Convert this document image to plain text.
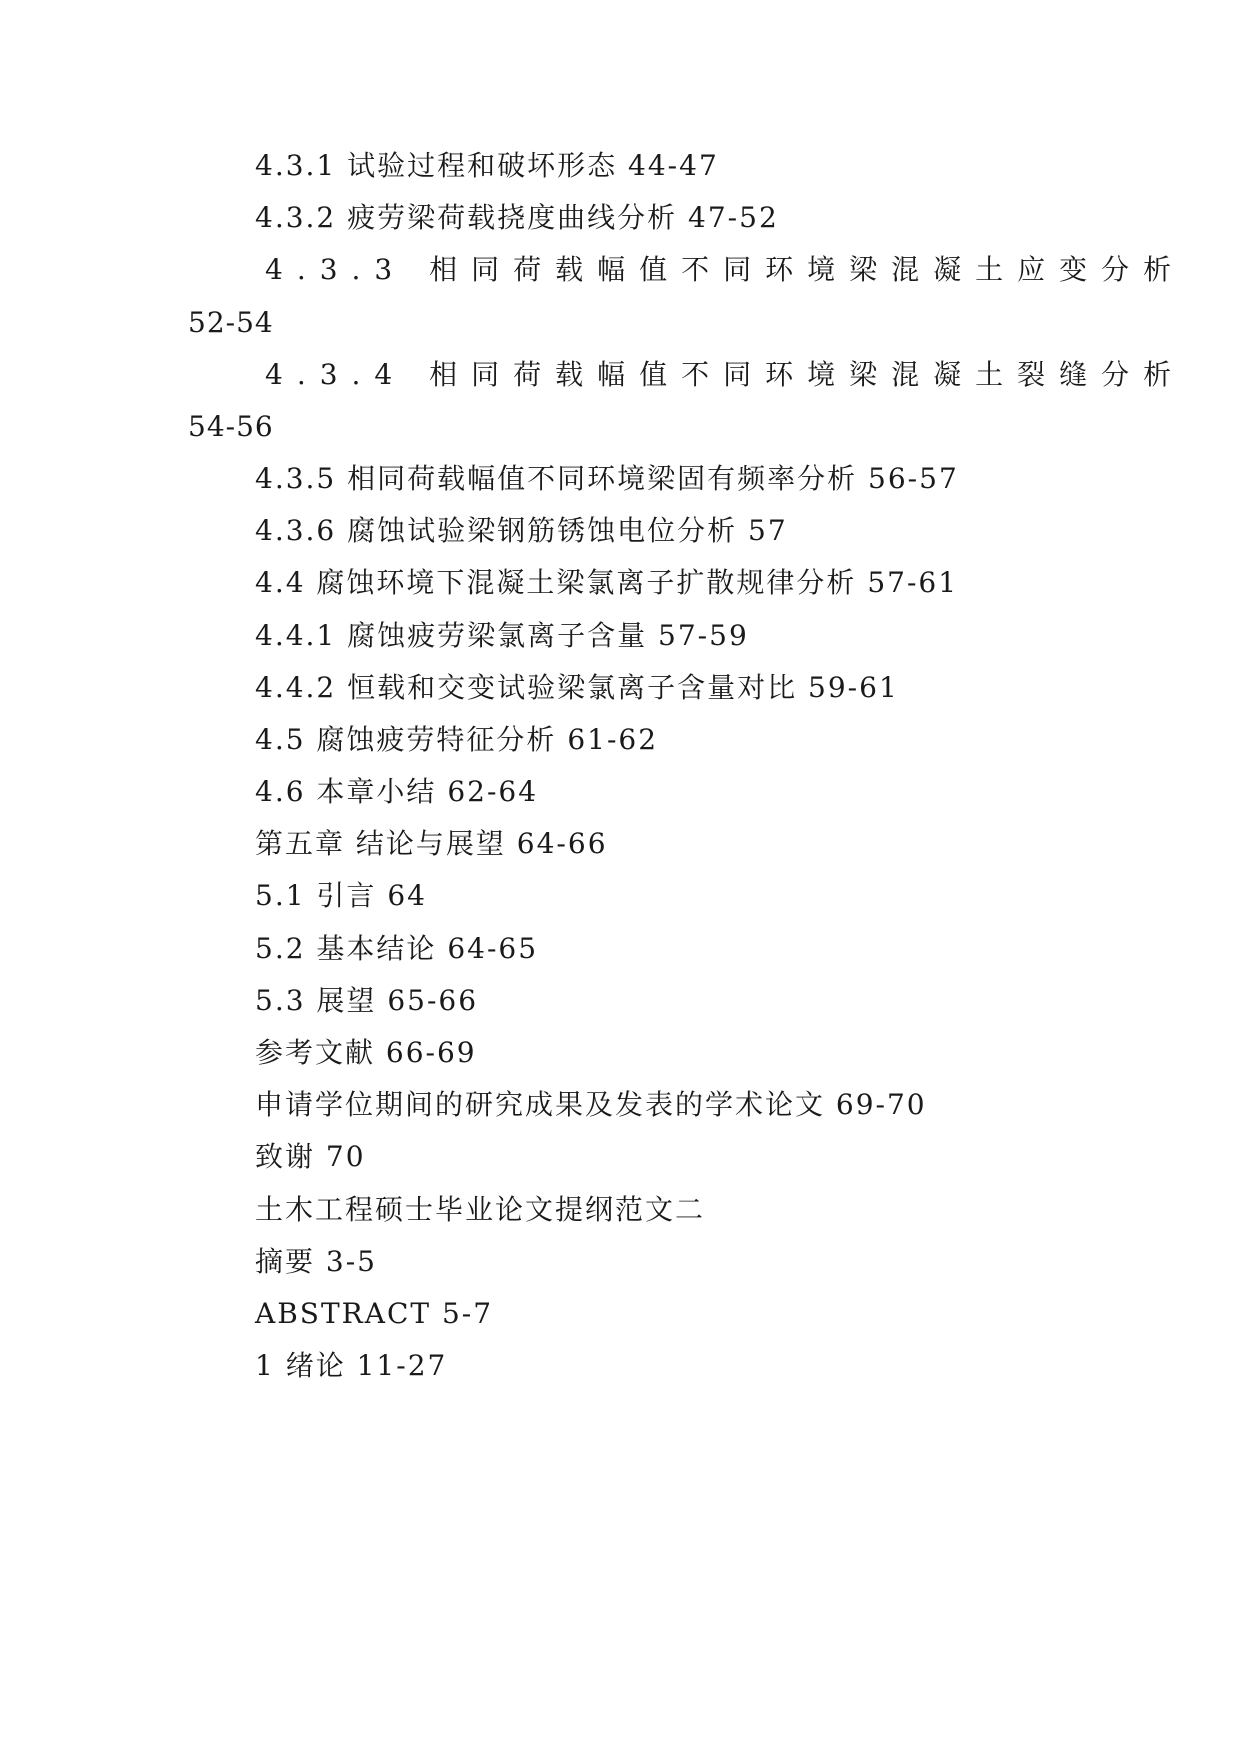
4.3.1 试验过程和破坏形态 44-47
4.3.2 疲劳梁荷载挠度曲线分析 47-52
4.3.3 相同荷载幅值不同环境梁混凝土应变分析
52-54
4.3.4 相同荷载幅值不同环境梁混凝土裂缝分析
54-56
4.3.5 相同荷载幅值不同环境梁固有频率分析 56-57
4.3.6 腐蚀试验梁钢筋锈蚀电位分析 57
4.4 腐蚀环境下混凝土梁氯离子扩散规律分析 57-61
4.4.1 腐蚀疲劳梁氯离子含量 57-59
4.4.2 恒载和交变试验梁氯离子含量对比 59-61
4.5 腐蚀疲劳特征分析 61-62
4.6 本章小结 62-64
第五章 结论与展望 64-66
5.1 引言 64
5.2 基本结论 64-65
5.3 展望 65-66
参考文献 66-69
申请学位期间的研究成果及发表的学术论文 69-70
致谢 70
土木工程硕士毕业论文提纲范文二
摘要 3-5
ABSTRACT 5-7
1 绪论 11-27
